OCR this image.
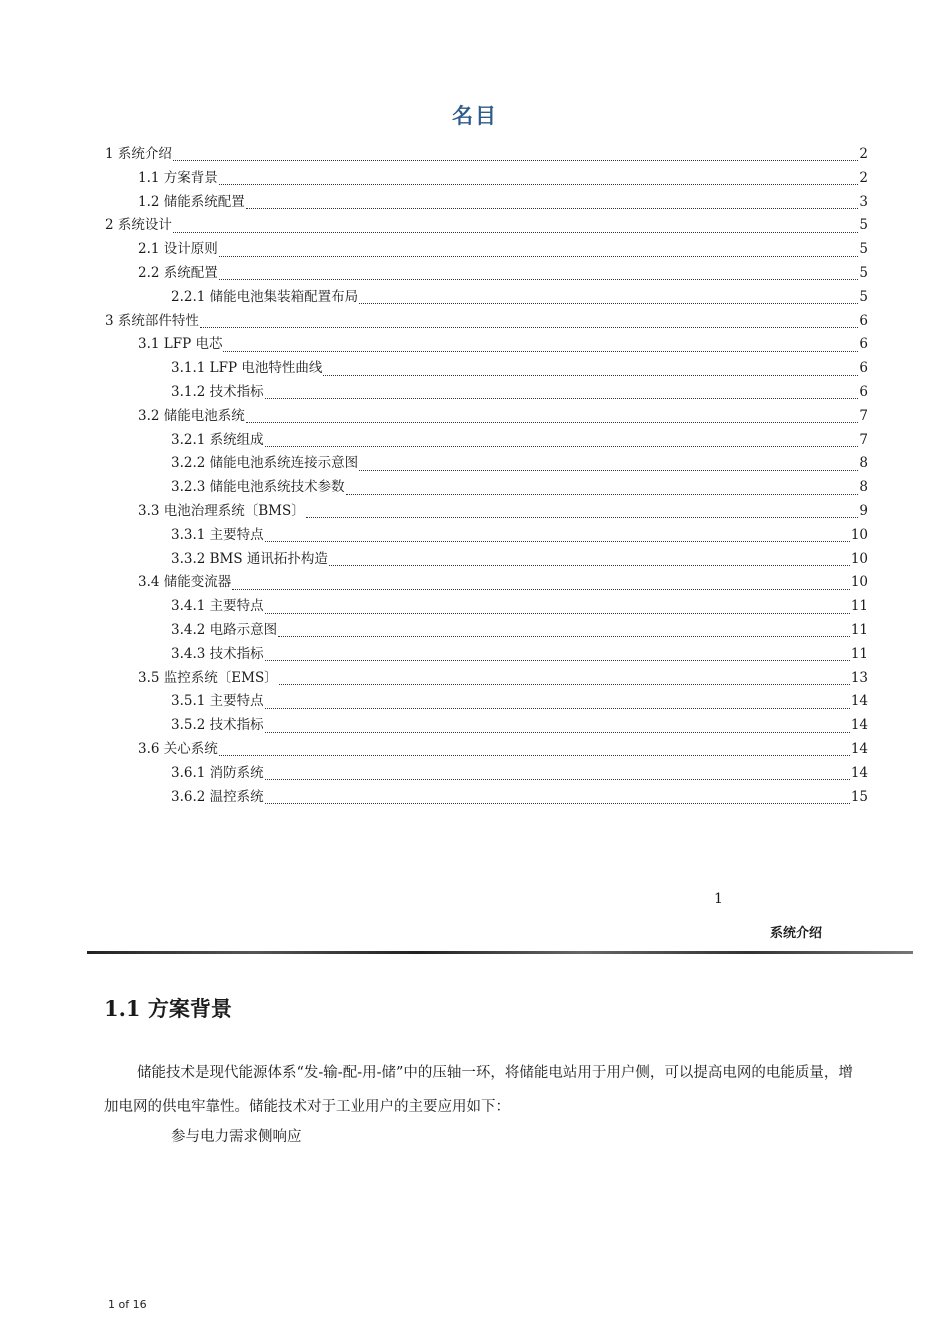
名目
1 系统介绍	2
1.1 方案背景	2
1.2 储能系统配置	3
2 系统设计	5
2.1 设计原则	5
2.2 系统配置	5
2.2.1 储能电池集装箱配置布局	5
3 系统部件特性	6
3.1 LFP 电芯	6
3.1.1 LFP 电池特性曲线	6
3.1.2 技术指标	6
3.2 储能电池系统	7
3.2.1 系统组成	7
3.2.2 储能电池系统连接示意图	8
3.2.3 储能电池系统技术参数	8
3.3 电池治理系统〔BMS〕	9
3.3.1 主要特点	10
3.3.2 BMS 通讯拓扑构造	10
3.4 储能变流器	10
3.4.1 主要特点	11
3.4.2 电路示意图	11
3.4.3 技术指标	11
3.5 监控系统〔EMS〕	13
3.5.1 主要特点	14
3.5.2 技术指标	14
3.6 关心系统	14
3.6.1 消防系统	14
3.6.2 温控系统	15
1
系统介绍
1.1 方案背景
储能技术是现代能源体系“发-输-配-用-储”中的压轴一环，将储能电站用于用户侧，可以提高电网的电能质量，增加电网的供电牢靠性。储能技术对于工业用户的主要应用如下：
参与电力需求侧响应
1 of 16
